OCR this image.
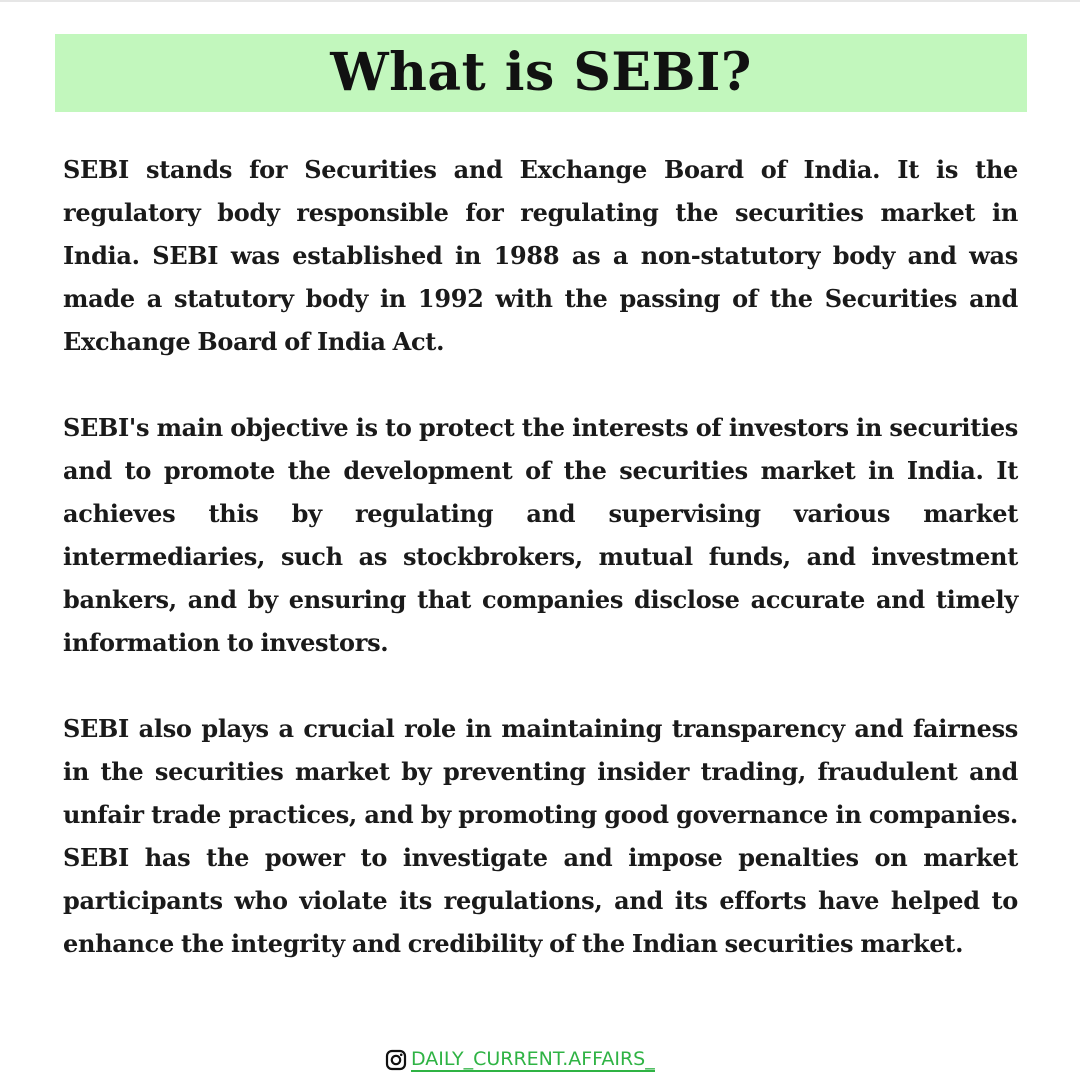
What is SEBI?

SEBI stands for Securities and Exchange Board of India. It is the regulatory body responsible for regulating the securities market in India. SEBI was established in 1988 as a non-statutory body and was made a statutory body in 1992 with the passing of the Securities and Exchange Board of India Act.

SEBI's main objective is to protect the interests of investors in securities and to promote the development of the securities market in India. It achieves this by regulating and supervising various market intermediaries, such as stockbrokers, mutual funds, and investment bankers, and by ensuring that companies disclose accurate and timely information to investors.

SEBI also plays a crucial role in maintaining transparency and fairness in the securities market by preventing insider trading, fraudulent and unfair trade practices, and by promoting good governance in companies. SEBI has the power to investigate and impose penalties on market participants who violate its regulations, and its efforts have helped to enhance the integrity and credibility of the Indian securities market.

DAILY_CURRENT.AFFAIRS_
